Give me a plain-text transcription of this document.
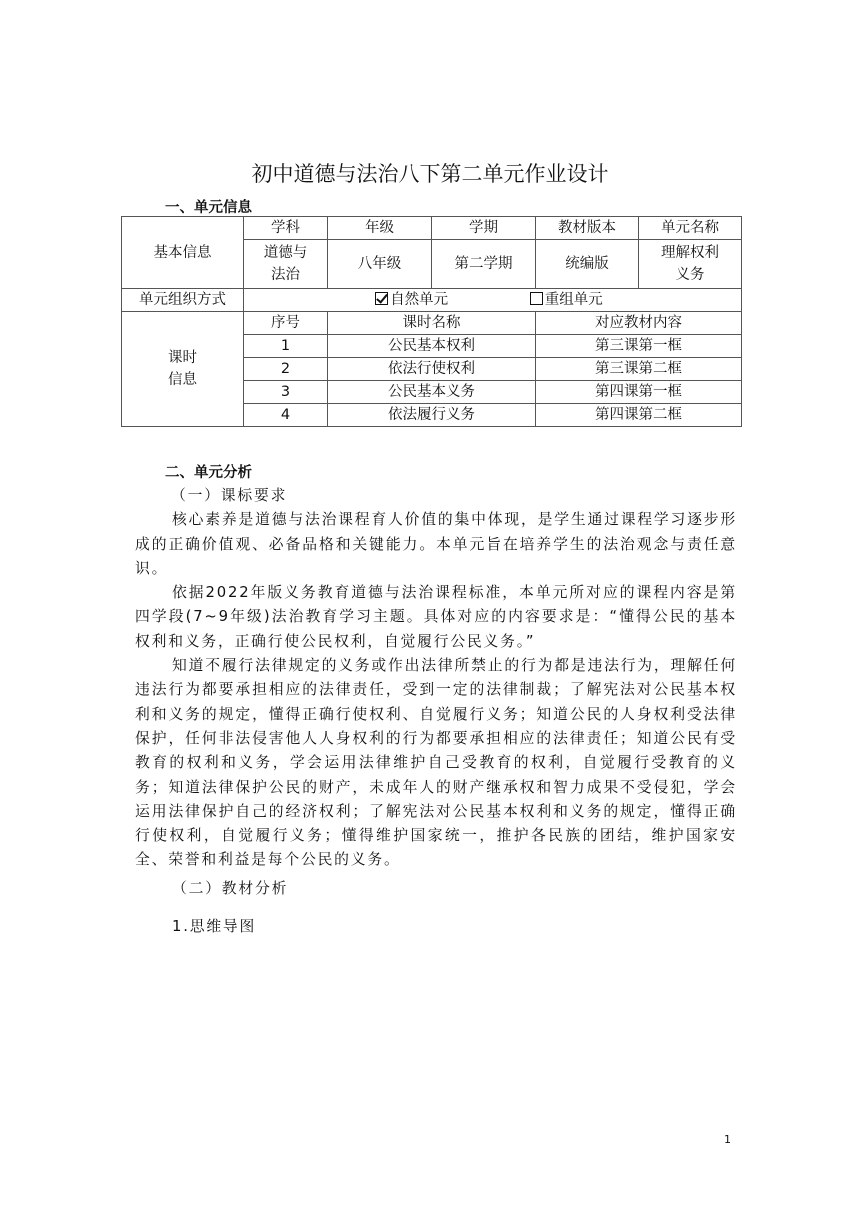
初中道德与法治八下第二单元作业设计
一、单元信息
基本信息	学科	年级	学期	教材版本	单元名称
	道德与
法治	八年级	第二学期	统编版	理解权利
义务
单元组织方式	自然单元 重组单元				
课时
信息	序号	课时名称		对应教材内容	
	1	公民基本权利		第三课第一框	
	2	依法行使权利		第三课第二框	
	3	公民基本义务		第四课第一框	
	4	依法履行义务		第四课第二框	
二、单元分析

（一）课标要求

核心素养是道德与法治课程育人价值的集中体现，是学生通过课程学习逐步形成的正确价值观、必备品格和关键能力。本单元旨在培养学生的法治观念与责任意识。

依据2022年版义务教育道德与法治课程标准，本单元所对应的课程内容是第四学段(7~9年级)法治教育学习主题。具体对应的内容要求是：“懂得公民的基本权利和义务，正确行使公民权利，自觉履行公民义务。”

知道不履行法律规定的义务或作出法律所禁止的行为都是违法行为，理解任何违法行为都要承担相应的法律责任，受到一定的法律制裁；了解宪法对公民基本权利和义务的规定，懂得正确行使权利、自觉履行义务；知道公民的人身权利受法律保护，任何非法侵害他人人身权利的行为都要承担相应的法律责任；知道公民有受教育的权利和义务，学会运用法律维护自己受教育的权利，自觉履行受教育的义务；知道法律保护公民的财产，未成年人的财产继承权和智力成果不受侵犯，学会运用法律保护自己的经济权利；了解宪法对公民基本权利和义务的规定，懂得正确行使权利，自觉履行义务；懂得维护国家统一，推护各民族的团结，维护国家安全、荣誉和利益是每个公民的义务。

（二）教材分析

1.思维导图

1
